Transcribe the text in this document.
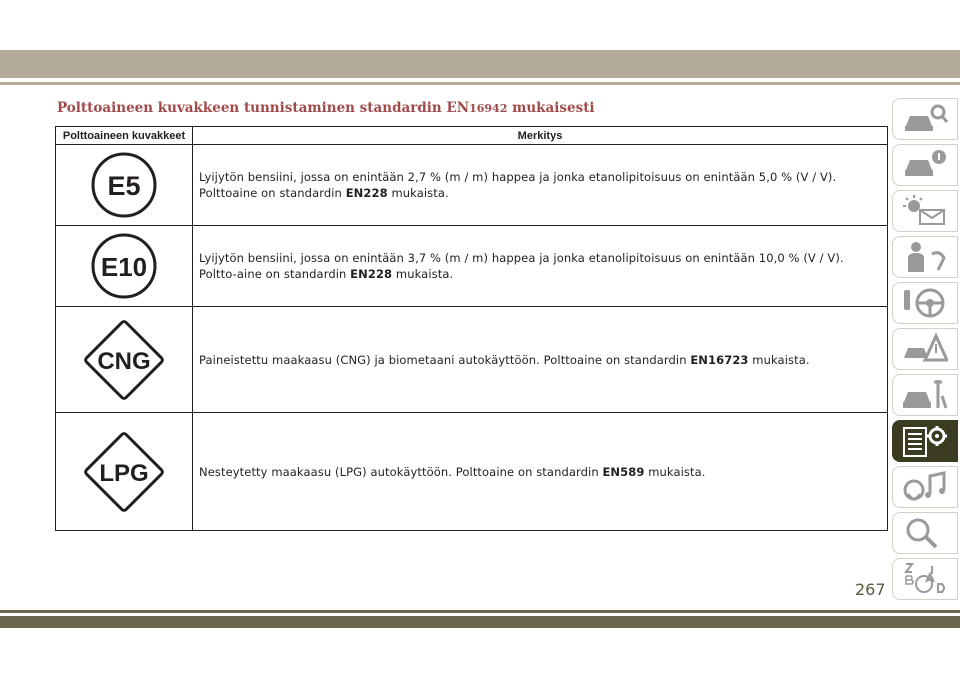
Polttoaineen kuvakkeen tunnistaminen standardin EN16942 mukaisesti
Polttoaineen kuvakkeet	Merkitys

E5	Lyijytön bensiini, jossa on enintään 2,7 % (m / m) happea ja jonka etanolipitoisuus on enintään 5,0 % (V / V). Polttoaine on standardin EN228 mukaista.

E10	Lyijytön bensiini, jossa on enintään 3,7 % (m / m) happea ja jonka etanolipitoisuus on enintään 10,0 % (V / V). Poltto-aine on standardin EN228 mukaista.

CNG	Paineistettu maakaasu (CNG) ja biometaani autokäyttöön. Polttoaine on standardin EN16723 mukaista.

LPG	Nesteytetty maakaasu (LPG) autokäyttöön. Polttoaine on standardin EN589 mukaista.
267
